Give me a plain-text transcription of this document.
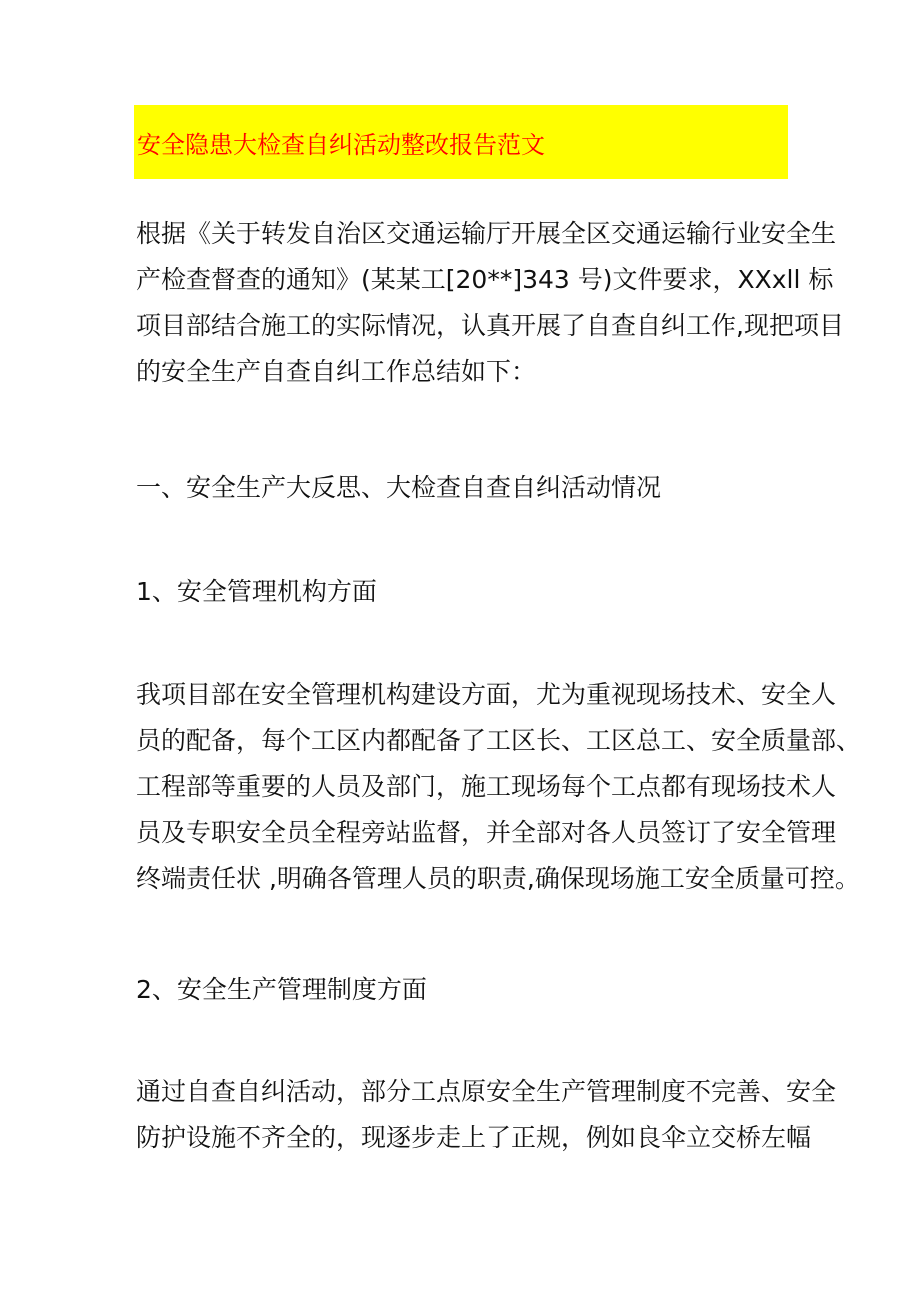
安全隐患大检查自纠活动整改报告范文
根据《关于转发自治区交通运输厅开展全区交通运输行业安全生
产检查督查的通知》(某某工[20**]343 号)文件要求，XXxll 标
项目部结合施工的实际情况，认真开展了自查自纠工作,现把项目
的安全生产自查自纠工作总结如下：
一、安全生产大反思、大检查自查自纠活动情况
1、安全管理机构方面
我项目部在安全管理机构建设方面，尤为重视现场技术、安全人
员的配备，每个工区内都配备了工区长、工区总工、安全质量部、
工程部等重要的人员及部门，施工现场每个工点都有现场技术人
员及专职安全员全程旁站监督，并全部对各人员签订了安全管理
终端责任状 ,明确各管理人员的职责,确保现场施工安全质量可控。
2、安全生产管理制度方面
通过自查自纠活动，部分工点原安全生产管理制度不完善、安全
防护设施不齐全的，现逐步走上了正规，例如良伞立交桥左幅
